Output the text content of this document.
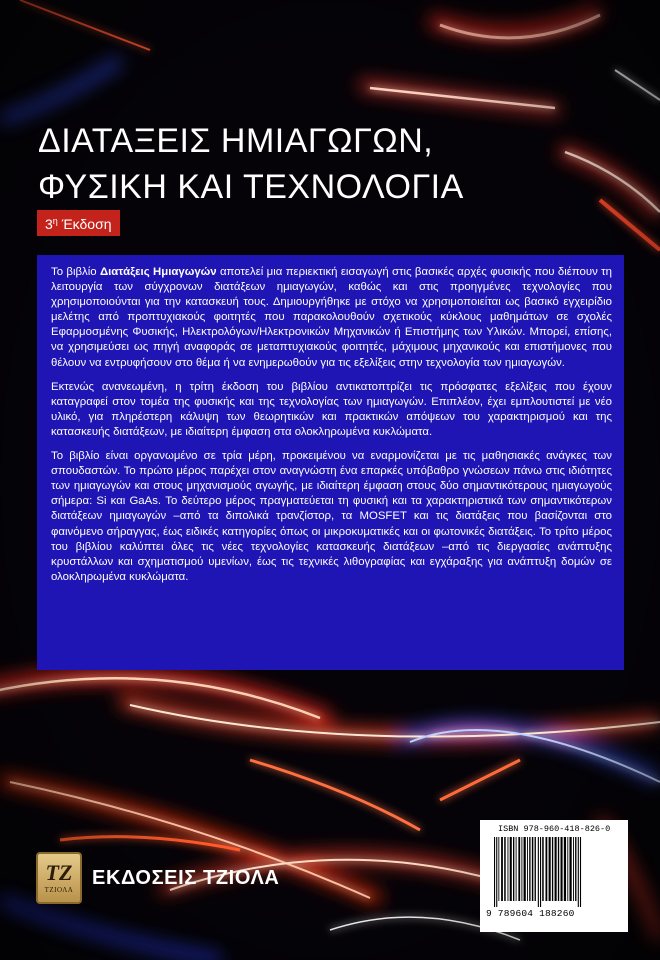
ΔΙΑΤΑΞΕΙΣ ΗΜΙΑΓΩΓΩΝ,
ΦΥΣΙΚΗ ΚΑΙ ΤΕΧΝΟΛΟΓΙΑ
$3^\eta$ Έκδοση

Το βιβλίο Διατάξεις Ημιαγωγών αποτελεί μια περιεκτική εισαγωγή στις βασικές αρχές φυσικής που διέπουν τη λειτουργία των σύγχρονων διατάξεων ημιαγωγών, καθώς και στις προηγμένες τεχνολογίες που χρησιμοποιούνται για την κατασκευή τους. Δημιουργήθηκε με στόχο να χρησιμοποιείται ως βασικό εγχειρίδιο μελέτης από προπτυχιακούς φοιτητές που παρακολουθούν σχετικούς κύκλους μαθημάτων σε σχολές Εφαρμοσμένης Φυσικής, Ηλεκτρολόγων/Ηλεκτρονικών Μηχανικών ή Επιστήμης των Υλικών. Μπορεί, επίσης, να χρησιμεύσει ως πηγή αναφοράς σε μεταπτυχιακούς φοιτητές, μάχιμους μηχανικούς και επιστήμονες που θέλουν να εντρυφήσουν στο θέμα ή να ενημερωθούν για τις εξελίξεις στην τεχνολογία των ημιαγωγών.

Εκτενώς ανανεωμένη, η τρίτη έκδοση του βιβλίου αντικατοπτρίζει τις πρόσφατες εξελίξεις που έχουν καταγραφεί στον τομέα της φυσικής και της τεχνολογίας των ημιαγωγών. Επιπλέον, έχει εμπλουτιστεί με νέο υλικό, για πληρέστερη κάλυψη των θεωρητικών και πρακτικών απόψεων του χαρακτηρισμού και της κατασκευής διατάξεων, με ιδιαίτερη έμφαση στα ολοκληρωμένα κυκλώματα.

Το βιβλίο είναι οργανωμένο σε τρία μέρη, προκειμένου να εναρμονίζεται με τις μαθησιακές ανάγκες των σπουδαστών. Το πρώτο μέρος παρέχει στον αναγνώστη ένα επαρκές υπόβαθρο γνώσεων πάνω στις ιδιότητες των ημιαγωγών και στους μηχανισμούς αγωγής, με ιδιαίτερη έμφαση στους δύο σημαντικότερους ημιαγωγούς σήμερα: Si και GaAs. Το δεύτερο μέρος πραγματεύεται τη φυσική και τα χαρακτηριστικά των σημαντικότερων διατάξεων ημιαγωγών –από τα διπολικά τρανζίστορ, τα MOSFET και τις διατάξεις που βασίζονται στο φαινόμενο σήραγγας, έως ειδικές κατηγορίες όπως οι μικροκυματικές και οι φωτονικές διατάξεις. Το τρίτο μέρος του βιβλίου καλύπτει όλες τις νέες τεχνολογίες κατασκευής διατάξεων –από τις διεργασίες ανάπτυξης κρυστάλλων και σχηματισμού υμενίων, έως τις τεχνικές λιθογραφίας και εγχάραξης για ανάπτυξη δομών σε ολοκληρωμένα κυκλώματα.

ISBN 978-960-418-826-0
9 789604 188260
TZ
ΤΖΙΟΛΑ
ΕΚΔΟΣΕΙΣ ΤΖΙΟΛΑ
